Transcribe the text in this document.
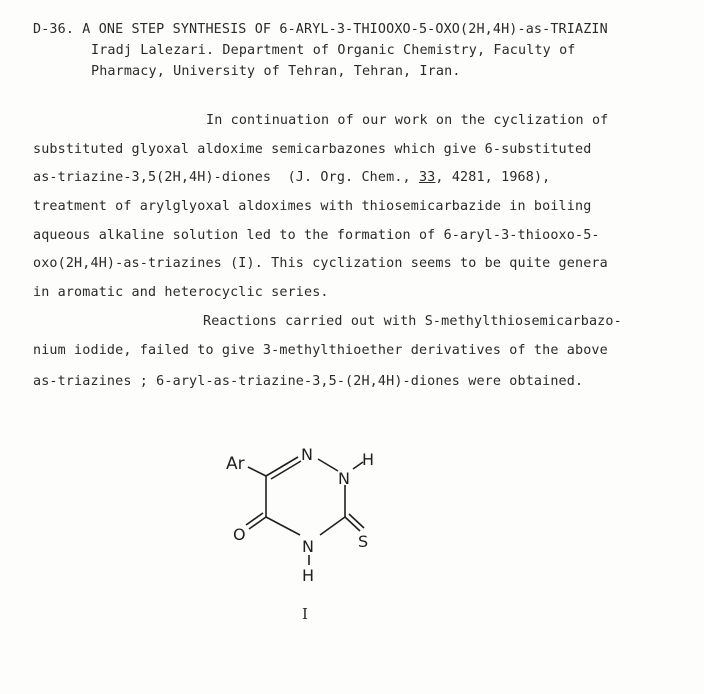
D-36. A ONE STEP SYNTHESIS OF 6-ARYL-3-THIOOXO-5-OXO(2H,4H)-as-TRIAZIN
Iradj Lalezari. Department of Organic Chemistry, Faculty of
Pharmacy, University of Tehran, Tehran, Iran.
In continuation of our work on the cyclization of
substituted glyoxal aldoxime semicarbazones which give 6-substituted
as-triazine-3,5(2H,4H)-diones  (J. Org. Chem., 33, 4281, 1968),
treatment of arylglyoxal aldoximes with thiosemicarbazide in boiling
aqueous alkaline solution led to the formation of 6-aryl-3-thiooxo-5-
oxo(2H,4H)-as-triazines (I). This cyclization seems to be quite genera
in aromatic and heterocyclic series.
Reactions carried out with S-methylthiosemicarbazo-
nium iodide, failed to give 3-methylthioether derivatives of the above
as-triazines ; 6-aryl-as-triazine-3,5-(2H,4H)-diones were obtained.
Ar	N
N
H
S
N
H
O
I
